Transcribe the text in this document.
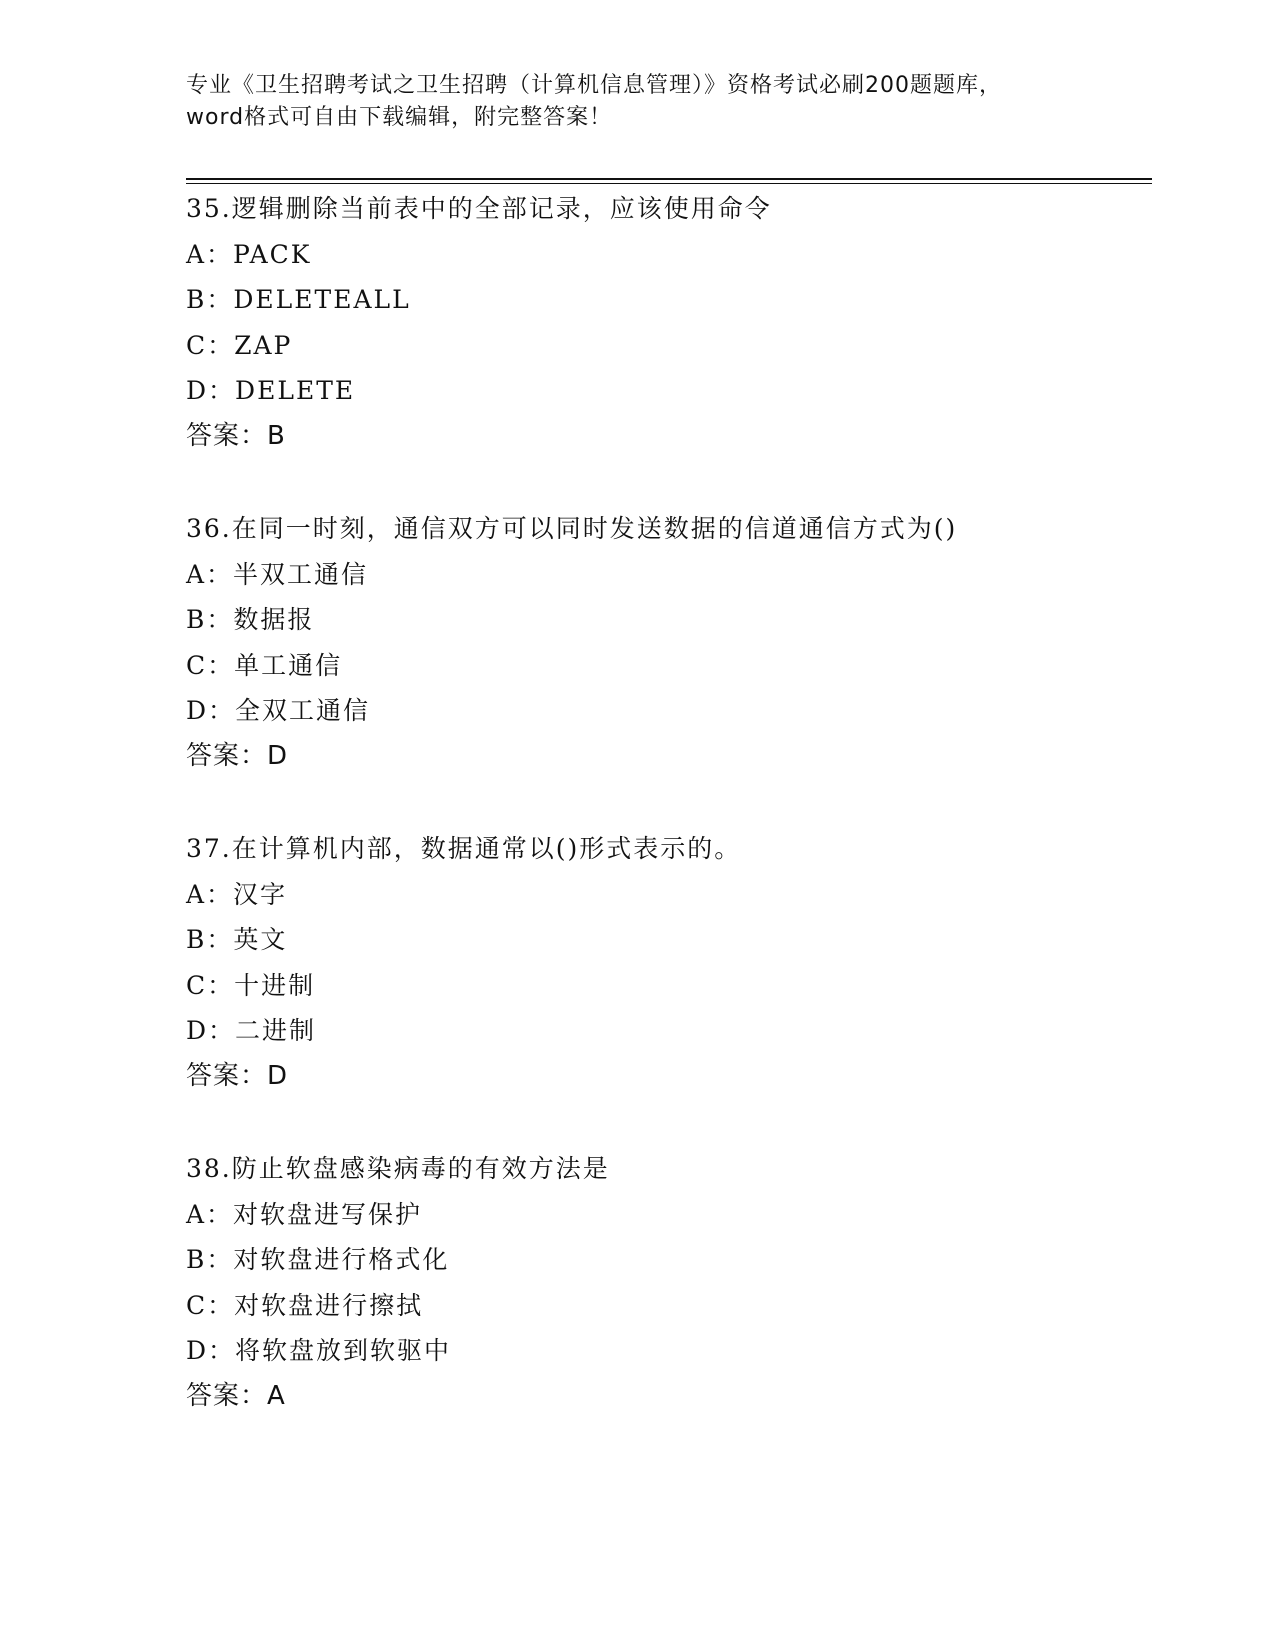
专业《卫生招聘考试之卫生招聘（计算机信息管理）》资格考试必刷200题题库，
word格式可自由下载编辑，附完整答案！
35.逻辑删除当前表中的全部记录，应该使用命令
A：PACK
B：DELETEALL
C：ZAP
D：DELETE
答案：B
36.在同一时刻，通信双方可以同时发送数据的信道通信方式为()
A：半双工通信
B：数据报
C：单工通信
D：全双工通信
答案：D
37.在计算机内部，数据通常以()形式表示的。
A：汉字
B：英文
C：十进制
D：二进制
答案：D
38.防止软盘感染病毒的有效方法是
A：对软盘进写保护
B：对软盘进行格式化
C：对软盘进行擦拭
D：将软盘放到软驱中
答案：A
